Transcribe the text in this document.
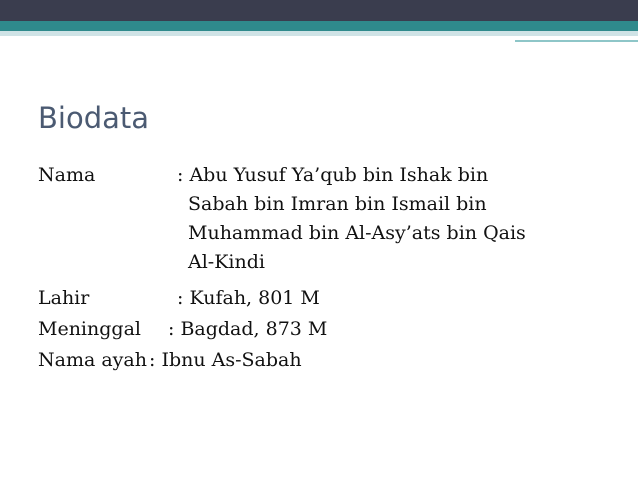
Biodata
Nama	: Abu Yusuf Ya’qub bin Ishak bin
Sabah bin Imran bin Ismail bin
Muhammad bin Al-Asy’ats bin Qais
Al-Kindi
Lahir	: Kufah, 801 M
Meninggal : Bagdad, 873 M
Nama ayah : Ibnu As-Sabah
